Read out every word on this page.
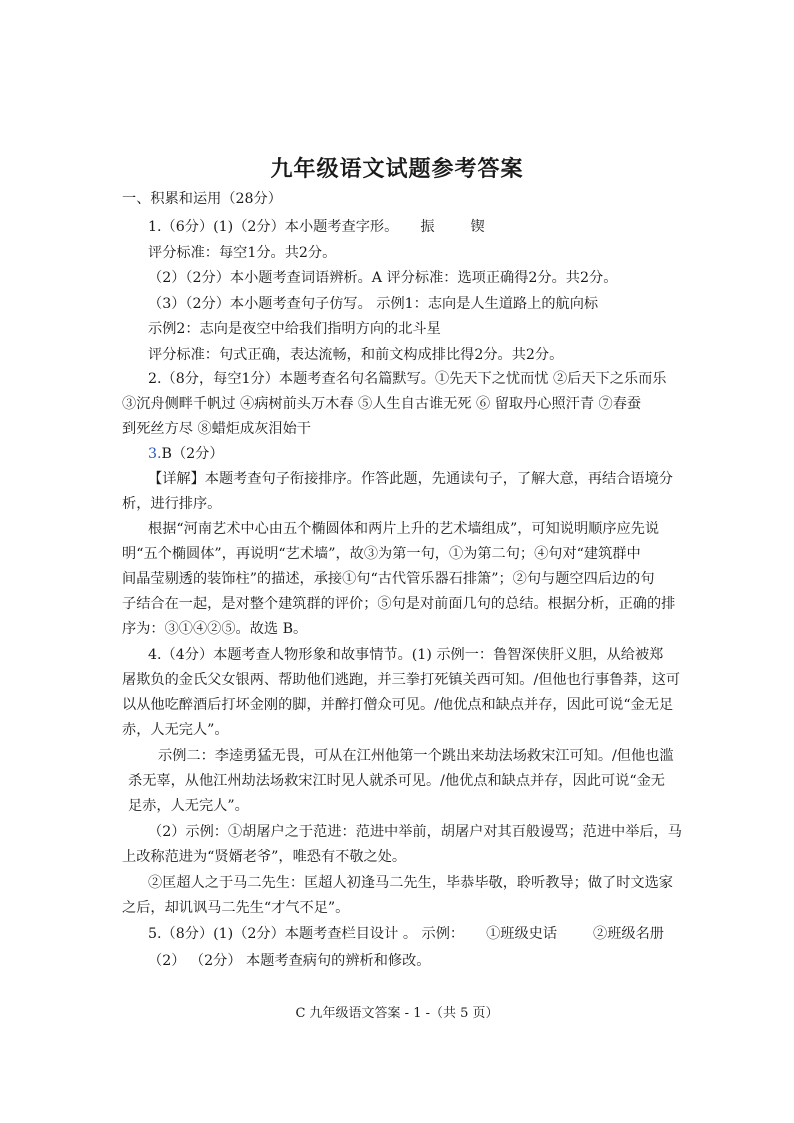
九年级语文试题参考答案
一、积累和运用（28分）
1.（6分）(1)（2分）本小题考查字形。 振	锲
评分标准：每空1分。共2分。
（2）（2分）本小题考查词语辨析。A 评分标准：选项正确得2分。共2分。
（3）（2分）本小题考查句子仿写。 示例1：志向是人生道路上的航向标
示例2：志向是夜空中给我们指明方向的北斗星
评分标准：句式正确，表达流畅，和前文构成排比得2分。共2分。
2.（8分，每空1分）本题考查名句名篇默写。①先天下之忧而忧 ②后天下之乐而乐
③沉舟侧畔千帆过 ④病树前头万木春 ⑤人生自古谁无死 ⑥ 留取丹心照汗青 ⑦春蚕
到死丝方尽 ⑧蜡炬成灰泪始干
3.B（2分）
【详解】本题考查句子衔接排序。作答此题，先通读句子，了解大意，再结合语境分
析，进行排序。
根据“河南艺术中心由五个椭圆体和两片上升的艺术墙组成”，可知说明顺序应先说
明“五个椭圆体”，再说明“艺术墙”，故③为第一句，①为第二句；④句对“建筑群中
间晶莹剔透的装饰柱”的描述，承接①句“古代管乐器石排箫”；②句与题空四后边的句
子结合在一起，是对整个建筑群的评价；⑤句是对前面几句的总结。根据分析，正确的排
序为：③①④②⑤。故选 B。
4.（4分）本题考查人物形象和故事情节。(1) 示例一：鲁智深侠肝义胆，从给被郑
屠欺负的金氏父女银两、帮助他们逃跑，并三拳打死镇关西可知。/但他也行事鲁莽，这可
以从他吃醉酒后打坏金刚的脚，并醉打僧众可见。/他优点和缺点并存，因此可说“金无足
赤，人无完人”。
示例二：李逵勇猛无畏，可从在江州他第一个跳出来劫法场救宋江可知。/但他也滥
杀无辜，从他江州劫法场救宋江时见人就杀可见。/他优点和缺点并存，因此可说“金无
足赤，人无完人”。
（2）示例：①胡屠户之于范进：范进中举前，胡屠户对其百般谩骂；范进中举后，马
上改称范进为“贤婿老爷”，唯恐有不敬之处。
②匡超人之于马二先生：匡超人初逢马二先生，毕恭毕敬，聆听教导；做了时文选家
之后，却讥讽马二先生“才气不足”。
5.（8分）(1)（2分）本题考查栏目设计 。 示例： ①班级史话	②班级名册
（2） （2分） 本题考查病句的辨析和修改。
C 九年级语文答案 - 1 -（共 5 页）
